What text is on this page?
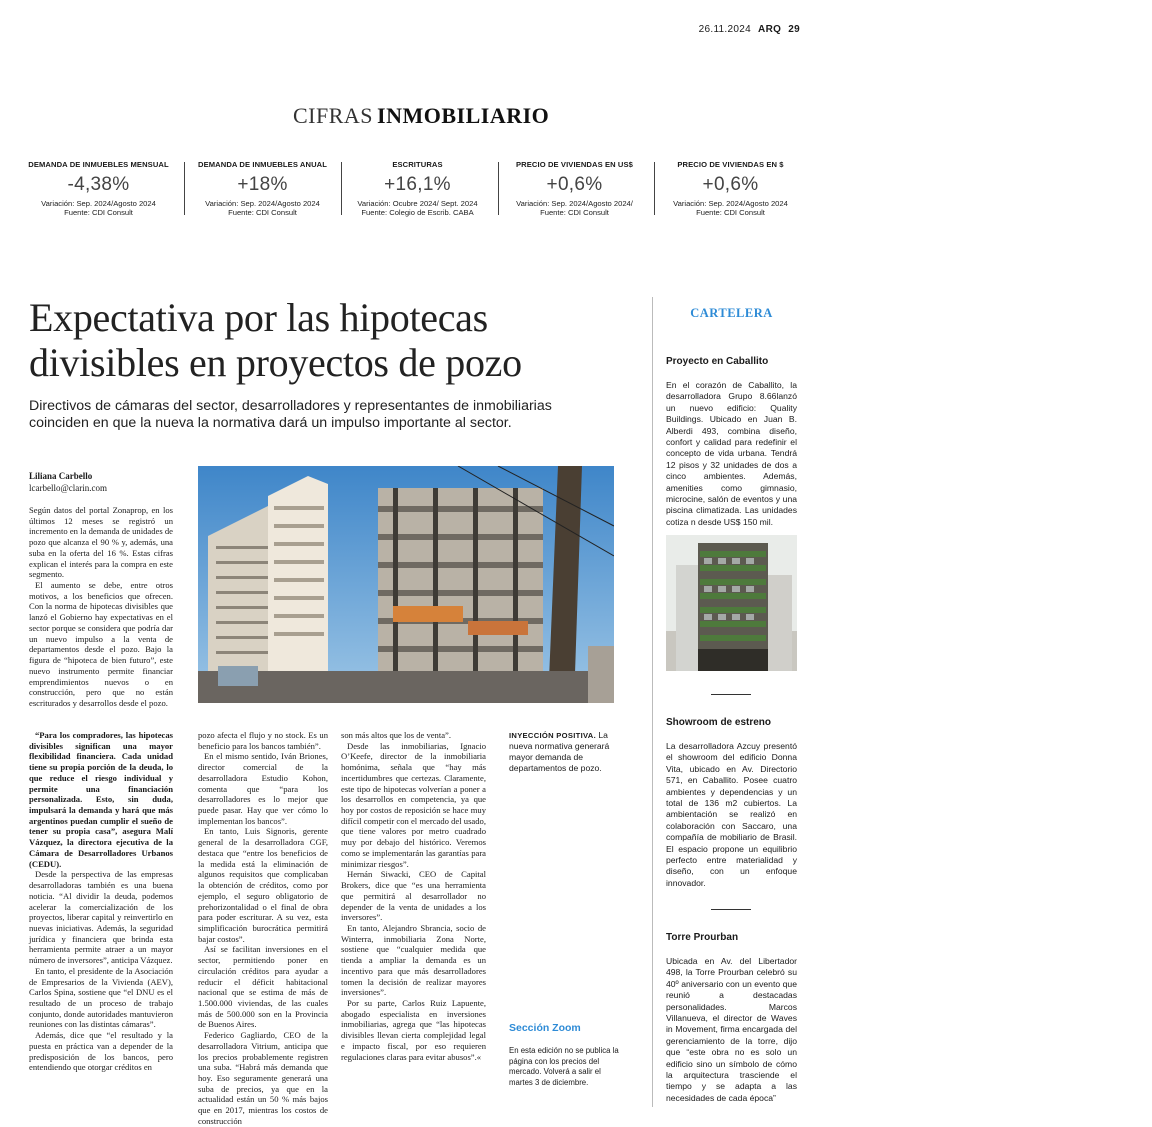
26.11.2024 ARQ 29
CIFRAS INMOBILIARIO
DEMANDA DE INMUEBLES MENSUAL
-4,38%
Variación: Sep. 2024/Agosto 2024
Fuente: CDI Consult
DEMANDA DE INMUEBLES ANUAL
+18%
Variación: Sep. 2024/Agosto 2024
Fuente: CDI Consult
ESCRITURAS
+16,1%
Variación: Ocubre 2024/ Sept. 2024
Fuente: Colegio de Escrib. CABA
PRECIO DE VIVIENDAS EN US$
+0,6%
Variación: Sep. 2024/Agosto 2024/
Fuente: CDI Consult
PRECIO DE VIVIENDAS EN $
+0,6%
Variación: Sep. 2024/Agosto 2024
Fuente: CDI Consult
Expectativa por las hipotecas
divisibles en proyectos de pozo
Directivos de cámaras del sector, desarrolladores y representantes de inmobiliarias
coinciden en que la nueva la normativa dará un impulso importante al sector.
Liliana Carbello
lcarbello@clarin.com

Según datos del portal Zonaprop, en los últimos 12 meses se registró un incremento en la demanda de unidades de pozo que alcanza el 90 % y, además, una suba en la oferta del 16 %. Estas cifras explican el interés para la compra en este segmento.

El aumento se debe, entre otros motivos, a los beneficios que ofrecen. Con la norma de hipotecas divisibles que lanzó el Gobierno hay expectativas en el sector porque se considera que podría dar un nuevo impulso a la venta de departamentos desde el pozo. Bajo la figura de “hipoteca de bien futuro”, este nuevo instrumento permite financiar emprendimientos nuevos o en construcción, pero que no están escriturados y desarrollos desde el pozo.

“Para los compradores, las hipotecas divisibles significan una mayor flexibilidad financiera. Cada unidad tiene su propia porción de la deuda, lo que reduce el riesgo individual y permite una financiación personalizada. Esto, sin duda, impulsará la demanda y hará que más argentinos puedan cumplir el sueño de tener su propia casa”, asegura Malí Vázquez, la directora ejecutiva de la Cámara de Desarrolladores Urbanos (CEDU).

Desde la perspectiva de las empresas desarrolladoras también es una buena noticia. “Al dividir la deuda, podemos acelerar la comercialización de los proyectos, liberar capital y reinvertirlo en nuevas iniciativas. Además, la seguridad jurídica y financiera que brinda esta herramienta permite atraer a un mayor número de inversores”, anticipa Vázquez.

En tanto, el presidente de la Asociación de Empresarios de la Vivienda (AEV), Carlos Spina, sostiene que “el DNU es el resultado de un proceso de trabajo conjunto, donde autoridades mantuvieron reuniones con las distintas cámaras”.

Además, dice que “el resultado y la puesta en práctica van a depender de la predisposición de los bancos, pero entendiendo que otorgar créditos en

pozo afecta el flujo y no stock. Es un beneficio para los bancos también”.

En el mismo sentido, Iván Briones, director comercial de la desarrolladora Estudio Kohon, comenta que “para los desarrolladores es lo mejor que puede pasar. Hay que ver cómo lo implementan los bancos”.

En tanto, Luis Signoris, gerente general de la desarrolladora CGF, destaca que “entre los beneficios de la medida está la eliminación de algunos requisitos que complicaban la obtención de créditos, como por ejemplo, el seguro obligatorio de prehorizontalidad o el final de obra para poder escriturar. A su vez, esta simplificación burocrática permitirá bajar costos”.

Así se facilitan inversiones en el sector, permitiendo poner en circulación créditos para ayudar a reducir el déficit habitacional nacional que se estima de más de 1.500.000 viviendas, de las cuales más de 500.000 son en la Provincia de Buenos Aires.

Federico Gagliardo, CEO de la desarrolladora Vitrium, anticipa que los precios probablemente registren una suba. “Habrá más demanda que hoy. Eso seguramente generará una suba de precios, ya que en la actualidad están un 50 % más bajos que en 2017, mientras los costos de construcción

son más altos que los de venta”.

Desde las inmobiliarias, Ignacio O’Keefe, director de la inmobiliaria homónima, señala que “hay más incertidumbres que certezas. Claramente, este tipo de hipotecas volverían a poner a los desarrollos en competencia, ya que hoy por costos de reposición se hace muy difícil competir con el mercado del usado, que tiene valores por metro cuadrado muy por debajo del histórico. Veremos como se implementarán las garantías para minimizar riesgos”.

Hernán Siwacki, CEO de Capital Brokers, dice que “es una herramienta que permitirá al desarrollador no depender de la venta de unidades a los inversores”.

En tanto, Alejandro Sbrancia, socio de Winterra, inmobiliaria Zona Norte, sostiene que “cualquier medida que tienda a ampliar la demanda es un incentivo para que más desarrolladores tomen la decisión de realizar mayores inversiones”.

Por su parte, Carlos Ruiz Lapuente, abogado especialista en inversiones inmobiliarias, agrega que “las hipotecas divisibles llevan cierta complejidad legal e impacto fiscal, por eso requieren regulaciones claras para evitar abusos”.«

INYECCIÓN POSITIVA. La nueva normativa generará mayor demanda de departamentos de pozo.
Sección Zoom
En esta edición no se publica la página con los precios del mercado. Volverá a salir el martes 3 de diciembre.
CARTELERA
Proyecto en Caballito
En el corazón de Caballito, la desarrolladora Grupo 8.66lanzó un nuevo edificio: Quality Buildings. Ubicado en Juan B. Alberdi 493, combina diseño, confort y calidad para redefinir el concepto de vida urbana. Tendrá 12 pisos y 32 unidades de dos a cinco ambientes. Además, amenities como gimnasio, microcine, salón de eventos y una piscina climatizada. Las unidades cotiza n desde US$ 150 mil.
Showroom de estreno
La desarrolladora Azcuy presentó el showroom del edificio Donna Vita, ubicado en Av. Directorio 571, en Caballito. Posee cuatro ambientes y dependencias y un total de 136 m2 cubiertos. La ambientación se realizó en colaboración con Saccaro, una compañía de mobiliario de Brasil. El espacio propone un equilibrio perfecto entre materialidad y diseño, con un enfoque innovador.
Torre Prourban
Ubicada en Av. del Libertador 498, la Torre Prourban celebró su 40º aniversario con un evento que reunió a destacadas personalidades. Marcos Villanueva, el director de Waves in Movement, firma encargada del gerenciamiento de la torre, dijo que “este obra no es solo un edificio sino un símbolo de cómo la arquitectura trasciende el tiempo y se adapta a las necesidades de cada época”
